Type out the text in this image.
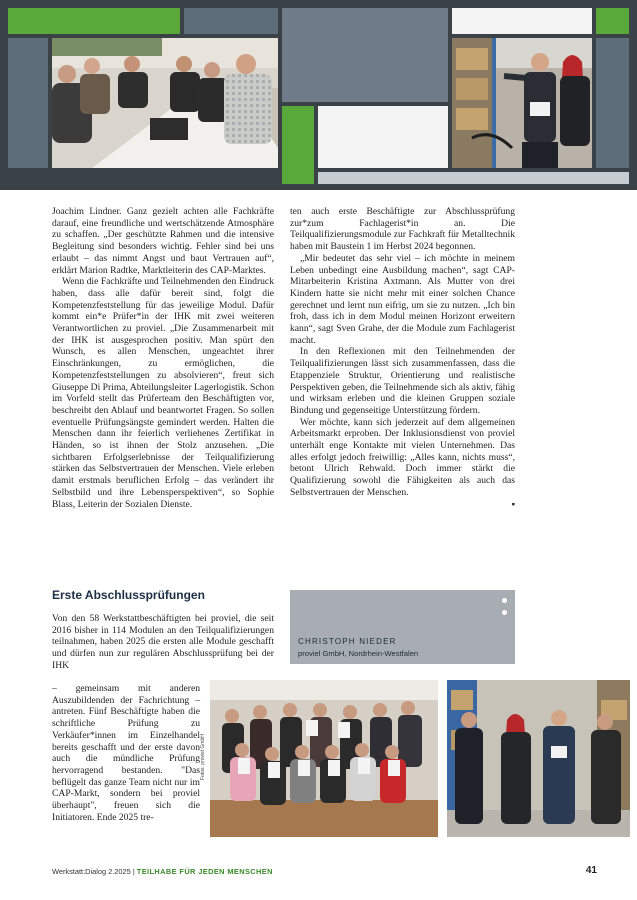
Joachim Lindner. Ganz gezielt achten alle Fachkräfte darauf, eine freundliche und wertschätzende Atmosphäre zu schaffen. „Der geschützte Rahmen und die intensive Begleitung sind besonders wichtig. Fehler sind bei uns erlaubt – das nimmt Angst und baut Vertrauen auf“, erklärt Marion Radtke, Marktleiterin des CAP-Marktes.

Wenn die Fachkräfte und Teilnehmenden den Eindruck haben, dass alle dafür bereit sind, folgt die Kompetenzfeststellung für das jeweilige Modul. Dafür kommt ein*e Prüfer*in der IHK mit zwei weiteren Verantwortlichen zu proviel. „Die Zusammenarbeit mit der IHK ist ausgesprochen positiv. Man spürt den Wunsch, es allen Menschen, ungeachtet ihrer Einschränkungen, zu ermöglichen, die Kompetenzfeststellungen zu absolvieren“, freut sich Giuseppe Di Prima, Abteilungsleiter Lagerlogistik. Schon im Vorfeld stellt das Prüferteam den Beschäftigten vor, beschreibt den Ablauf und beantwortet Fragen. So sollen eventuelle Prüfungsängste gemindert werden. Halten die Menschen dann ihr feierlich verliehenes Zertifikat in Händen, so ist ihnen der Stolz anzusehen. „Die sichtbaren Erfolgserlebnisse der Teilqualifizierung stärken das Selbstvertrauen der Menschen. Viele erleben damit erstmals beruflichen Erfolg – das verändert ihr Selbstbild und ihre Lebensperspektiven“, so Sophie Blass, Leiterin der Sozialen Dienste.

ten auch erste Beschäftigte zur Abschlussprüfung zur*zum Fachlagerist*in an. Die Teilqualifizierungsmodule zur Fachkraft für Metalltechnik haben mit Baustein 1 im Herbst 2024 begonnen.

„Mir bedeutet das sehr viel – ich möchte in meinem Leben unbedingt eine Ausbildung machen“, sagt CAP-Mitarbeiterin Kristina Axtmann. Als Mutter von drei Kindern hatte sie nicht mehr mit einer solchen Chance gerechnet und lernt nun eifrig, um sie zu nutzen. „Ich bin froh, dass ich in dem Modul meinen Horizont erweitern kann“, sagt Sven Grahe, der die Module zum Fachlagerist macht.

In den Reflexionen mit den Teilnehmenden der Teilqualifizierungen lässt sich zusammenfassen, dass die Etappenziele Struktur, Orientierung und realistische Perspektiven geben, die Teilnehmende sich als aktiv, fähig und wirksam erleben und die kleinen Gruppen soziale Bindung und gegenseitige Unterstützung fördern.

Wer möchte, kann sich jederzeit auf dem allgemeinen Arbeitsmarkt erproben. Der Inklusionsdienst von proviel unterhält enge Kontakte mit vielen Unternehmen. Das alles erfolgt jedoch freiwillig: „Alles kann, nichts muss“, betont Ulrich Rehwald. Doch immer stärkt die Qualifizierung sowohl die Fähigkeiten als auch das Selbstvertrauen der Menschen.

▪
Erste Abschlussprüfungen

Von den 58 Werkstattbeschäftigten bei proviel, die seit 2016 bisher in 114 Modulen an den Teilqualifizierungen teilnahmen, haben 2025 die ersten alle Module geschafft und dürfen nun zur regulären Abschlussprüfung bei der IHK

– gemeinsam mit anderen Auszubildenden der Fachrichtung – antreten. Fünf Beschäftigte haben die schriftliche Prüfung zu Verkäufer*innen im Einzelhandel bereits geschafft und der erste davon auch die mündliche Prüfung hervorragend bestanden. "Das beflügelt das ganze Team nicht nur im CAP-Markt, sondern bei proviel überhaupt", freuen sich die Initiatoren. Ende 2025 tre-

CHRISTOPH NIEDER
proviel GmbH, Nordrhein-Westfalen
Fotos: proviel GmbH
Werkstatt:Dialog 2.2025 | TEILHABE FÜR JEDEN MENSCHEN	41
